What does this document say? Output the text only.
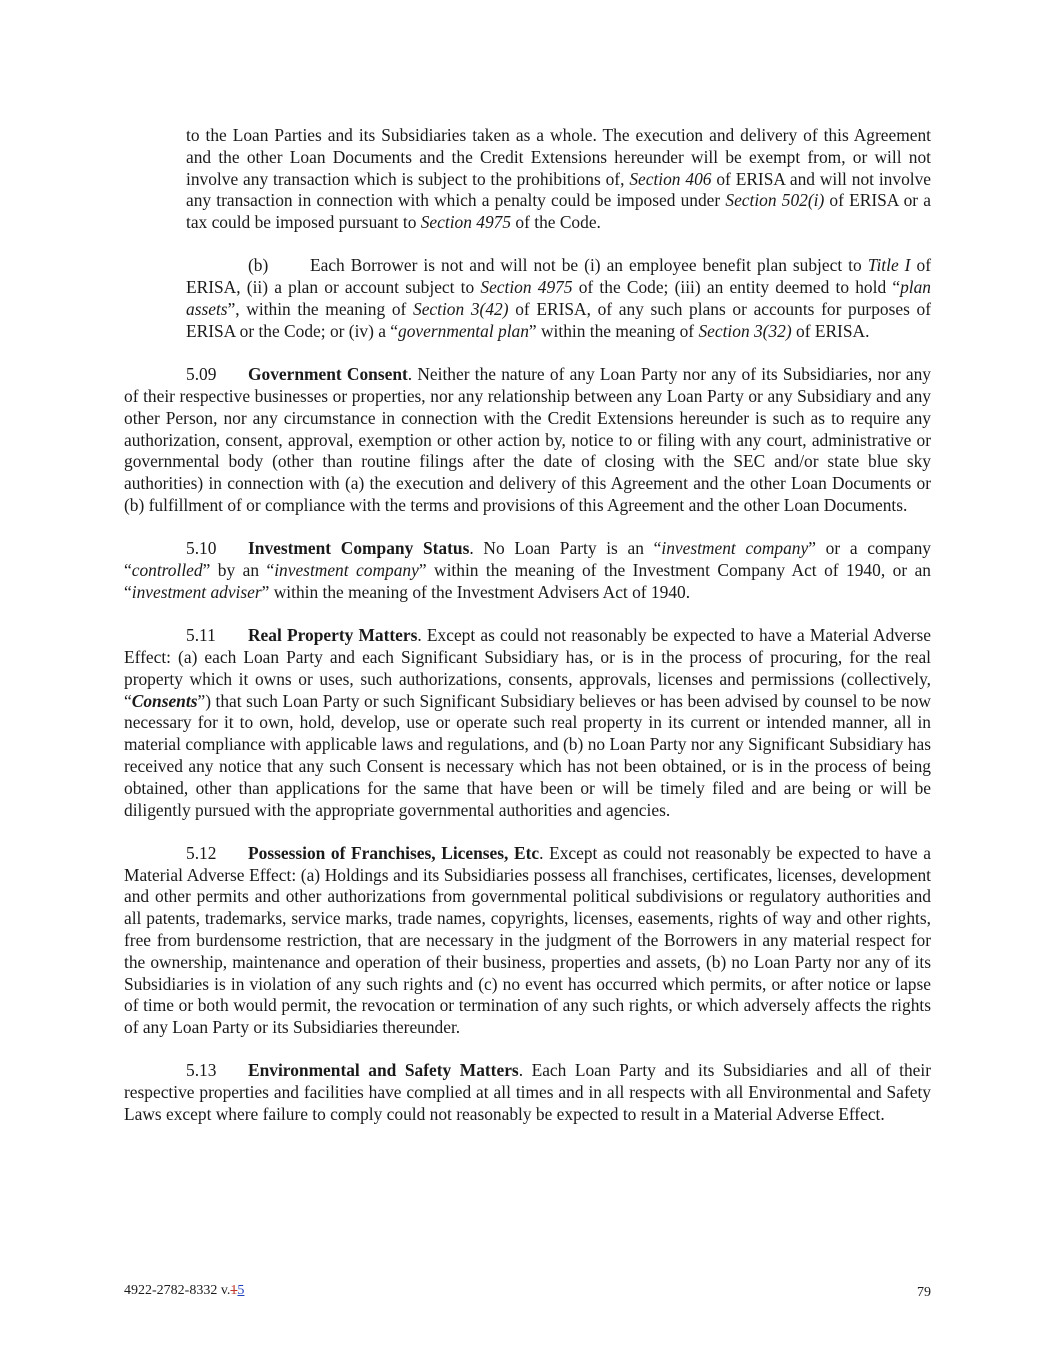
to the Loan Parties and its Subsidiaries taken as a whole. The execution and delivery of this Agreement and the other Loan Documents and the Credit Extensions hereunder will be exempt from, or will not involve any transaction which is subject to the prohibitions of, Section 406 of ERISA and will not involve any transaction in connection with which a penalty could be imposed under Section 502(i) of ERISA or a tax could be imposed pursuant to Section 4975 of the Code.

(b) Each Borrower is not and will not be (i) an employee benefit plan subject to Title I of ERISA, (ii) a plan or account subject to Section 4975 of the Code; (iii) an entity deemed to hold “plan assets”, within the meaning of Section 3(42) of ERISA, of any such plans or accounts for purposes of ERISA or the Code; or (iv) a “governmental plan” within the meaning of Section 3(32) of ERISA.

5.09 Government Consent. Neither the nature of any Loan Party nor any of its Subsidiaries, nor any of their respective businesses or properties, nor any relationship between any Loan Party or any Subsidiary and any other Person, nor any circumstance in connection with the Credit Extensions hereunder is such as to require any authorization, consent, approval, exemption or other action by, notice to or filing with any court, administrative or governmental body (other than routine filings after the date of closing with the SEC and/or state blue sky authorities) in connection with (a) the execution and delivery of this Agreement and the other Loan Documents or (b) fulfillment of or compliance with the terms and provisions of this Agreement and the other Loan Documents.

5.10 Investment Company Status. No Loan Party is an “investment company” or a company “controlled” by an “investment company” within the meaning of the Investment Company Act of 1940, or an “investment adviser” within the meaning of the Investment Advisers Act of 1940.

5.11 Real Property Matters. Except as could not reasonably be expected to have a Material Adverse Effect: (a) each Loan Party and each Significant Subsidiary has, or is in the process of procuring, for the real property which it owns or uses, such authorizations, consents, approvals, licenses and permissions (collectively, “Consents”) that such Loan Party or such Significant Subsidiary believes or has been advised by counsel to be now necessary for it to own, hold, develop, use or operate such real property in its current or intended manner, all in material compliance with applicable laws and regulations, and (b) no Loan Party nor any Significant Subsidiary has received any notice that any such Consent is necessary which has not been obtained, or is in the process of being obtained, other than applications for the same that have been or will be timely filed and are being or will be diligently pursued with the appropriate governmental authorities and agencies.

5.12 Possession of Franchises, Licenses, Etc. Except as could not reasonably be expected to have a Material Adverse Effect: (a) Holdings and its Subsidiaries possess all franchises, certificates, licenses, development and other permits and other authorizations from governmental political subdivisions or regulatory authorities and all patents, trademarks, service marks, trade names, copyrights, licenses, easements, rights of way and other rights, free from burdensome restriction, that are necessary in the judgment of the Borrowers in any material respect for the ownership, maintenance and operation of their business, properties and assets, (b) no Loan Party nor any of its Subsidiaries is in violation of any such rights and (c) no event has occurred which permits, or after notice or lapse of time or both would permit, the revocation or termination of any such rights, or which adversely affects the rights of any Loan Party or its Subsidiaries thereunder.

5.13 Environmental and Safety Matters. Each Loan Party and its Subsidiaries and all of their respective properties and facilities have complied at all times and in all respects with all Environmental and Safety Laws except where failure to comply could not reasonably be expected to result in a Material Adverse Effect.

4922-2782-8332 v.15	79
